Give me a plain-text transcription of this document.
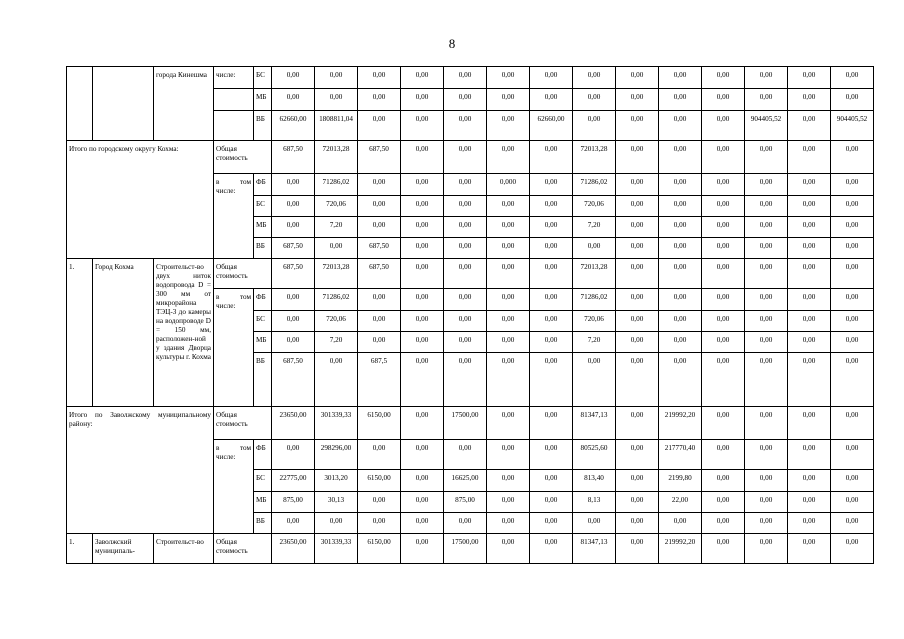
8
		города Кинешма	числе:	БС	0,00	0,00	0,00	0,00	0,00	0,00	0,00	0,00	0,00	0,00	0,00	0,00	0,00	0,00
				МБ	0,00	0,00	0,00	0,00	0,00	0,00	0,00	0,00	0,00	0,00	0,00	0,00	0,00	0,00
				ВБ	62660,00	1808811,04	0,00	0,00	0,00	0,00	62660,00	0,00	0,00	0,00	0,00	904405,52	0,00	904405,52
Итого по городскому округу Кохма:			Общая стоимость		687,50	72013,28	687,50	0,00	0,00	0,00	0,00	72013,28	0,00	0,00	0,00	0,00	0,00	0,00
			в том числе:	ФБ	0,00	71286,02	0,00	0,00	0,00	0,000	0,00	71286,02	0,00	0,00	0,00	0,00	0,00	0,00
				БС	0,00	720,06	0,00	0,00	0,00	0,00	0,00	720,06	0,00	0,00	0,00	0,00	0,00	0,00
				МБ	0,00	7,20	0,00	0,00	0,00	0,00	0,00	7,20	0,00	0,00	0,00	0,00	0,00	0,00
				ВБ	687,50	0,00	687,50	0,00	0,00	0,00	0,00	0,00	0,00	0,00	0,00	0,00	0,00	0,00
1.	Город Кохма	Строительст-во двух ниток водопровода D = 300 мм от микрорайона ТЭЦ-3 до камеры на водопроводе D = 150 мм, расположен-ной у здания Дворца культуры г. Кохма	Общая стоимость		687,50	72013,28	687,50	0,00	0,00	0,00	0,00	72013,28	0,00	0,00	0,00	0,00	0,00	0,00
			в том числе:	ФБ	0,00	71286,02	0,00	0,00	0,00	0,00	0,00	71286,02	0,00	0,00	0,00	0,00	0,00	0,00
				БС	0,00	720,06	0,00	0,00	0,00	0,00	0,00	720,06	0,00	0,00	0,00	0,00	0,00	0,00
				МБ	0,00	7,20	0,00	0,00	0,00	0,00	0,00	7,20	0,00	0,00	0,00	0,00	0,00	0,00
				ВБ	687,50	0,00	687,5	0,00	0,00	0,00	0,00	0,00	0,00	0,00	0,00	0,00	0,00	0,00
Итого по Заволжскому муниципальному району:			Общая стоимость		23650,00	301339,33	6150,00	0,00	17500,00	0,00	0,00	81347,13	0,00	219992,20	0,00	0,00	0,00	0,00
			в том числе:	ФБ	0,00	298296,00	0,00	0,00	0,00	0,00	0,00	80525,60	0,00	217770,40	0,00	0,00	0,00	0,00
				БС	22775,00	3013,20	6150,00	0,00	16625,00	0,00	0,00	813,40	0,00	2199,80	0,00	0,00	0,00	0,00
				МБ	875,00	30,13	0,00	0,00	875,00	0,00	0,00	8,13	0,00	22,00	0,00	0,00	0,00	0,00
				ВБ	0,00	0,00	0,00	0,00	0,00	0,00	0,00	0,00	0,00	0,00	0,00	0,00	0,00	0,00
1.	Заволжский муниципаль-	Строительст-во	Общая стоимость		23650,00	301339,33	6150,00	0,00	17500,00	0,00	0,00	81347,13	0,00	219992,20	0,00	0,00	0,00	0,00
